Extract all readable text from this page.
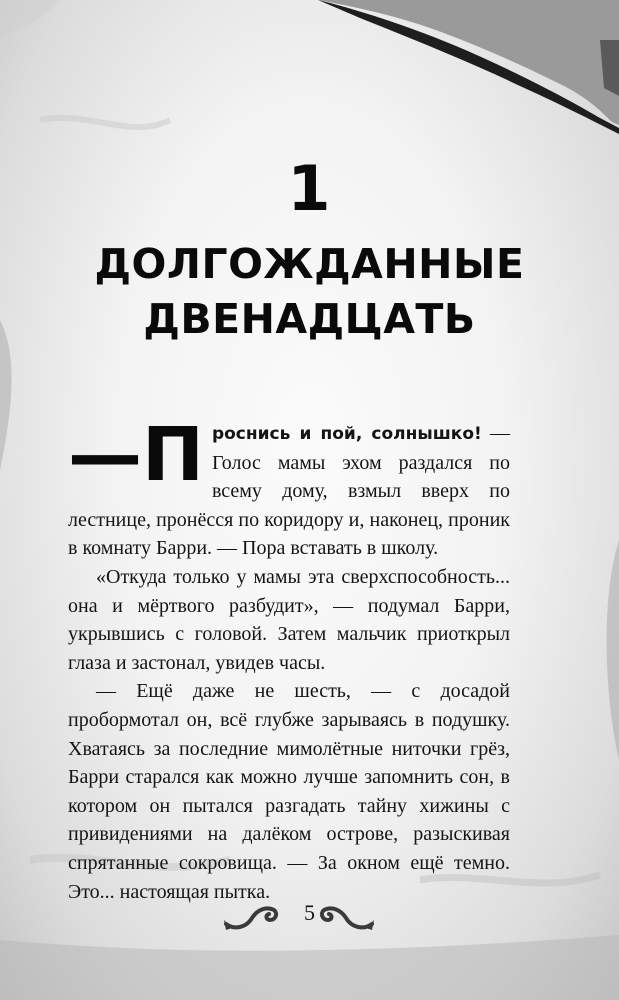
1
ДОЛГОЖДАННЫЕ
ДВЕНАДЦАТЬ

—П роснись и пой, солнышко! — Голос мамы эхом раздался по всему дому, взмыл вверх по лестнице, пронёсся по коридору и, наконец, проник в комнату Барри. — Пора вставать в школу.

«Откуда только у мамы эта сверхспособность... она и мёртвого разбудит», — подумал Барри, укрывшись с головой. Затем мальчик приоткрыл глаза и застонал, увидев часы.

— Ещё даже не шесть, — с досадой пробормотал он, всё глубже зарываясь в подушку. Хватаясь за последние мимолётные ниточки грёз, Барри старался как можно лучше запомнить сон, в котором он пытался разгадать тайну хижины с привидениями на далёком острове, разыскивая спрятанные сокровища. — За окном ещё темно. Это... настоящая пытка.

5
